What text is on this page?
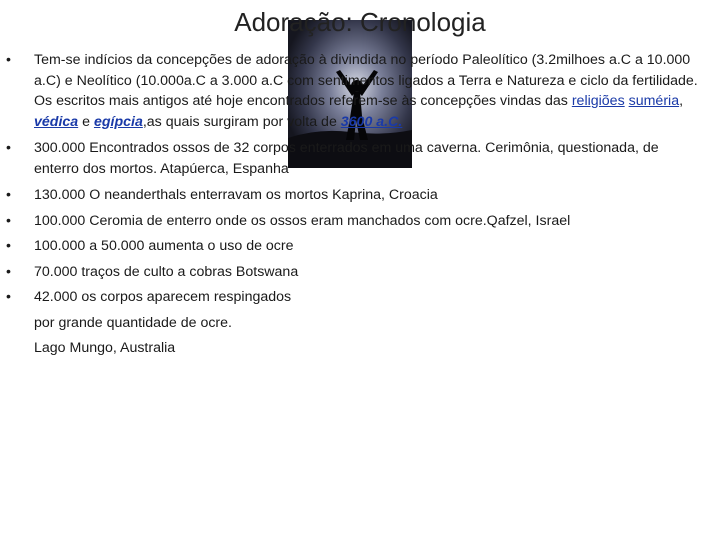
Adoração: Cronologia
•	Tem-se indícios da concepções de adoração à divindida no período Paleolítico (3.2milhoes a.C a 10.000 a.C) e Neolítico (10.000a.C a 3.000 a.C com sentimentos ligados a Terra e Natureza e ciclo da fertilidade. Os escritos mais antigos até hoje encontrados referem-se às concepções vindas das religiões suméria, védica e egípcia,as quais surgiram por volta de 3600 a.C.
•	300.000 Encontrados ossos de 32 corpos enterrados em uma caverna. Cerimônia, questionada, de enterro dos mortos. Atapúerca, Espanha
•	130.000 O neanderthals enterravam os mortos Kaprina, Croacia
•	100.000 Ceromia de enterro onde os ossos eram manchados com ocre.Qafzel, Israel
•	100.000 a 50.000 aumenta o uso de ocre
•	70.000 traços de culto a cobras Botswana
•	42.000 os corpos aparecem respingados
por grande quantidade de ocre.
Lago Mungo, Australia
